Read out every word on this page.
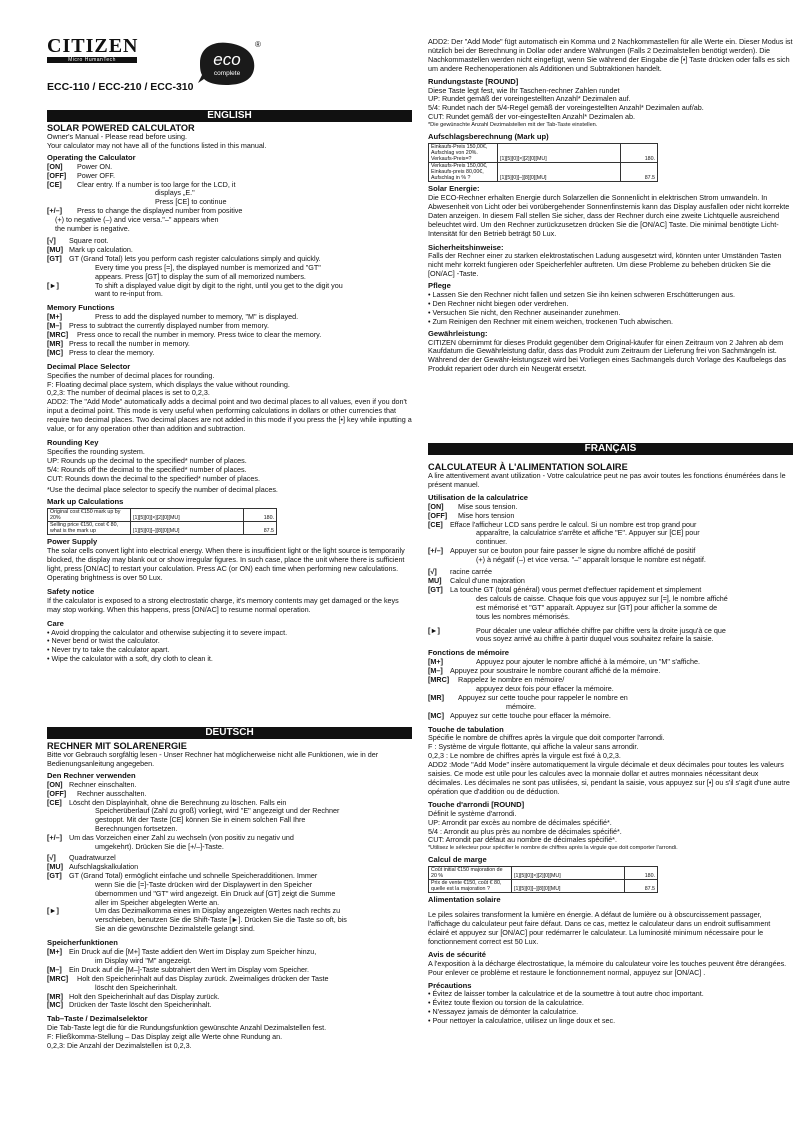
CITIZEN
Micro HumanTech	eco
complete
®
ECC-110 / ECC-210 / ECC-310
ENGLISH
SOLAR POWERED CALCULATOR

Owner's Manual - Please read before using.

Your calculator may not have all of the functions listed in this manual.

Operating the Calculator
[ON]	Power ON.
[OFF]	Power OFF.
[CE]	Clear entry. If a number is too large for the LCD, it
displays „E."
Press [CE] to continue
[+/–]	Press to change the displayed number from positive
(+) to negative (–) and vice versa."–" appears when
the number is negative.
[√]	Square root.
[MU] Mark up calculation.
[GT]	GT (Grand Total) lets you perform cash register calculations simply and quickly.
Every time you press [=], the displayed number is memorized and "GT"
appears. Press [GT] to display the sum of all memorized numbers.
[►]	To shift a displayed value digit by digit to the right, until you get to the digit you
want to re-input from.
Memory Functions
[M+]	Press to add the displayed number to memory, "M" is displayed.
[M–]	Press to subtract the currently displayed number from memory.
[MRC]	Press once to recall the number in memory. Press twice to clear the memory.
[MR] Press to recall the number in memory.
[MC] Press to clear the memory.
Decimal Place Selector
Specifies the number of decimal places for rounding.
F: Floating decimal place system, which displays the value without rounding.
0,2,3: The number of decimal places is set to 0,2,3.
ADD2: The "Add Mode" automatically adds a decimal point and two decimal places to all values, even if you don't input a decimal point. This mode is very useful when performing calculations in dollars or other currencies that require two decimal places. Two decimal places are not added in this mode if you press the [•] key while inputting a value, or for any operation other than addition and subtraction.
Rounding Key
Specifies the rounding system.
UP: Rounds up the decimal to the specified* number of places.
5/4: Rounds off the decimal to the specified* number of places.
CUT: Rounds down the decimal to the specified* number of places.
*Use the decimal place selector to specify the number of decimal places.
Mark up Calculations
Original cost €150 mark up by 20%	[1][5][0][×][2][0][MU]	180.
Selling price €150, cost € 80, what is the mark up	[1][5][0][–][8][0][MU]	87.5
Power Supply
The solar cells convert light into electrical energy. When there is insufficient light or the light source is temporarily blocked, the display may blank out or show irregular figures. In such case, place the unit where there is sufficient light, press [ON/AC] to restart your calculation. Press AC (or ON) each time when performing new calculations. Operating brightness is over 50 Lux.
Safety notice
If the calculator is exposed to a strong electrostatic charge, it's memory contents may get damaged or the keys may stop working. When this happens, press [ON/AC] to resume normal operation.
Care
• Avoid dropping the calculator and otherwise subjecting it to severe impact.
• Never bend or twist the calculator.
• Never try to take the calculator apart.
• Wipe the calculator with a soft, dry cloth to clean it.
DEUTSCH
RECHNER MIT SOLARENERGIE
Bitte vor Gebrauch sorgfältig lesen - Unser Rechner hat möglicherweise nicht alle Funktionen, wie in der Bedienungsanleitung angegeben.
Den Rechner verwenden
[ON] Rechner einschalten.
[OFF]	Rechner ausschalten.
[CE]	Löscht den Displayinhalt, ohne die Berechnung zu löschen. Falls ein
Speicherüberlauf (Zahl zu groß) vorliegt, wird "E" angezeigt und der Rechner
gestoppt. Mit der Taste [CE] können Sie in einem solchen Fall Ihre
Berechnungen fortsetzen.
[+/–] Um das Vorzeichen einer Zahl zu wechseln (von positiv zu negativ und
umgekehrt). Drücken Sie die [+/–]-Taste.
[√]	Quadratwurzel
[MU] Aufschlagskalkulation
[GT]	GT (Grand Total) ermöglicht einfache und schnelle Speicheradditionen. Immer
wenn Sie die [=]-Taste drücken wird der Displaywert in den Speicher
übernommen und "GT" wird angezeigt. Ein Druck auf [GT] zeigt die Summe
aller im Speicher abgelegten Werte an.
[►]	Um das Dezimalkomma eines im Display angezeigten Wertes nach rechts zu
verschieben, benutzen Sie die Shift-Taste [►]. Drücken Sie die Taste so oft, bis
Sie an die gewünschte Dezimalstelle gelangt sind.
Speicherfunktionen
[M+] Ein Druck auf die [M+] Taste addiert den Wert im Display zum Speicher hinzu,
im Display wird "M" angezeigt.
[M–]	Ein Druck auf die [M–]-Taste subtrahiert den Wert im Display vom Speicher.
[MRC]	Holt den Speicherinhalt auf das Display zurück. Zweimaliges drücken der Taste
löscht den Speicherinhalt.
[MR] Holt den Speicherinhalt auf das Display zurück.
[MC] Drücken der Taste löscht den Speicherinhalt.
Tab–Taste / Dezimalselektor
Die Tab-Taste legt die für die Rundungsfunktion gewünschte Anzahl Dezimalstellen fest.
F: Fließkomma-Stellung – Das Display zeigt alle Werte ohne Rundung an.
0,2,3: Die Anzahl der Dezimalstellen ist 0,2,3.
ADD2: Der "Add Mode" fügt automatisch ein Komma und 2 Nachkommastellen für alle Werte ein. Dieser Modus ist nützlich bei der Berechnung in Dollar oder andere Währungen (Falls 2 Dezimalstellen benötigt werden). Die Nachkommastellen werden nicht eingefügt, wenn Sie während der Eingabe die [•] Taste drücken oder falls es sich um andere Rechenoperationen als Additionen und Subtraktionen handelt.
Rundungstaste [ROUND]
Diese Taste legt fest, wie Ihr Taschen-rechner Zahlen rundet
UP: Rundet gemäß der voreingestellten Anzahl* Dezimalen auf.
5/4: Rundet nach der 5/4-Regel gemäß der voreingestellten Anzahl* Dezimalen auf/ab.
CUT: Rundet gemäß der vor-eingestellten Anzahl* Dezimalen ab.
*Die gewünschte Anzahl Dezimalstellen mit der Tab-Taste einstellen.
Aufschlagsberechnung (Mark up)
Einkaufs-Preis 150,00€, Aufschlag von 20%. Verkaufs-Preis=?	[1][5][0][×][2][0][MU]	180.
Verkaufs-Preis 150,00€, Einkaufs-preis 80,00€, Aufschlag in % ?	[1][5][0][–][8][0][MU]	87.5
Solar Energie:
Die ECO-Rechner erhalten Energie durch Solarzellen die Sonnenlicht in elektrischen Strom umwandeln. In Abwesenheit von Licht oder bei vorübergehender Sonnenfinsternis kann das Display ausfallen oder nicht korrekte Daten anzeigen. In diesem Fall stellen Sie sicher, dass der Rechner durch eine zweite Lichtquelle ausreichend beleuchtet wird. Um den Rechner zurückzusetzen drücken Sie die [ON/AC] Taste. Die minimal benötigte Licht-Intensität für den Betrieb beträgt 50 Lux.
Sicherheitshinweise:
Falls der Rechner einer zu starken elektrostatischen Ladung ausgesetzt wird, könnten unter Umständen Tasten nicht mehr korrekt fungieren oder Speicherfehler auftreten. Um diese Probleme zu beheben drücken Sie die [ON/AC] -Taste.
Pflege
• Lassen Sie den Rechner nicht fallen und setzen Sie ihn keinen schweren Erschütterungen aus.
• Den Rechner nicht biegen oder verdrehen.
• Versuchen Sie nicht, den Rechner auseinander zunehmen.
• Zum Reinigen den Rechner mit einem weichen, trockenen Tuch abwischen.
Gewährleistung:
CITIZEN übernimmt für dieses Produkt gegenüber dem Original-käufer für einen Zeitraum von 2 Jahren ab dem Kaufdatum die Gewährleistung dafür, dass das Produkt zum Zeitraum der Lieferung frei von Sachmängeln ist. Während der der Gewähr-leistungszeit wird bei Vorliegen eines Sachmangels durch Vorlage des Kaufbelegs das Produkt repariert oder durch ein Neugerät ersetzt.
FRANÇAIS
CALCULATEUR À L'ALIMENTATION SOLAIRE
A lire attentivement avant utilization - Votre calculatrice peut ne pas avoir toutes les fonctions énumérées dans le présent manuel.
Utilisation de la calculatrice
[ON]	Mise sous tension.
[OFF]	Mise hors tension
[CE]	Efface l'afficheur LCD sans perdre le calcul. Si un nombre est trop grand pour
apparaître, la calculatrice s'arrête et affiche "E". Appuyer sur [CE] pour
continuer.
[+/–] Appuyer sur ce bouton pour faire passer le signe du nombre affiché de positif
(+) à négatif (–) et vice versa. "–" apparaît lorsque le nombre est négatif.
[√]	racine carrée
MU]	Calcul d'une majoration
[GT]	La touche GT (total général) vous permet d'effectuer rapidement et simplement
des calculs de caisse. Chaque fois que vous appuyez sur [=], le nombre affiché
est mémorisé et "GT" apparaît. Appuyez sur [GT] pour afficher la somme de
tous les nombres mémorisés.
[►]	Pour décaler une valeur affichée chiffre par chiffre vers la droite jusqu'à ce que
vous soyez arrivé au chiffre à partir duquel vous souhaitez refaire la saisie.
Fonctions de mémoire
[M+]	Appuyez pour ajouter le nombre affiché à la mémoire, un "M" s'affiche.
[M–]	Appuyez pour soustraire le nombre courant affiché de la mémoire.
[MRC]	Rappelez le nombre en mémoire/
appuyez deux fois pour effacer la mémoire.
[MR]	Appuyez sur cette touche pour rappeler le nombre en
mémoire.
[MC] Appuyez sur cette touche pour effacer la mémoire.
Touche de tabulation
Spécifie le nombre de chiffres après la virgule que doit comporter l'arrondi.
F : Système de virgule flottante, qui affiche la valeur sans arrondir.
0,2,3 : Le nombre de chiffres après la virgule est fixé à 0,2,3.
ADD2 :Mode "Add Mode" insère automatiquement la virgule décimale et deux décimales pour toutes les valeurs saisies. Ce mode est utile pour les calcules avec la monnaie dollar et autres monnaies nécessitant deux décimales. Les décimales ne sont pas utilisées, si, pendant la saisie, vous appuyez sur [•] ou s'il s'agit d'une autre opération que d'addition ou de déduction.
Touche d'arrondi [ROUND]
Définit le système d'arrondi.
UP: Arrondit par excès au nombre de décimales spécifié*.
5/4 : Arrondit au plus près au nombre de décimales spécifié*.
CUT: Arrondit par défaut au nombre de décimales spécifié*.
*Utilisez le sélecteur pour spécifier le nombre de chiffres après la virgule que doit comporter l'arrondi.
Calcul de marge
Coût initial €150 majoration de 20 %	[1][5][0][×][2][0][MU]	180.
Prix de vente €150, coût € 80, quelle est la majoration ?	[1][5][0][–][8][0][MU]	87.5
Alimentation solaire
Le piles solaires transforment la lumière en énergie. A défaut de lumière ou à obscurcissement passager, l'affichage du calculateur peut faire défaut. Dans ce cas, mettez le calculateur dans un endroit suffisamment éclairé et appuyez sur [ON/AC] pour redémarrer le calculateur. La luminosité minimum nécessaire pour le fonctionnement correct est 50 Lux.
Avis de sécurité
A l'exposition à la décharge électrostatique, la mémoire du calculateur voire les touches peuvent être dérangées. Pour enlever ce problème et restaure le fonctionnement normal, appuyez sur [ON/AC] .
Précautions
• Évitez de laisser tomber la calculatrice et de la soumettre à tout autre choc important.
• Évitez toute flexion ou torsion de la calculatrice.
• N'essayez jamais de démonter la calculatrice.
• Pour nettoyer la calculatrice, utilisez un linge doux et sec.
